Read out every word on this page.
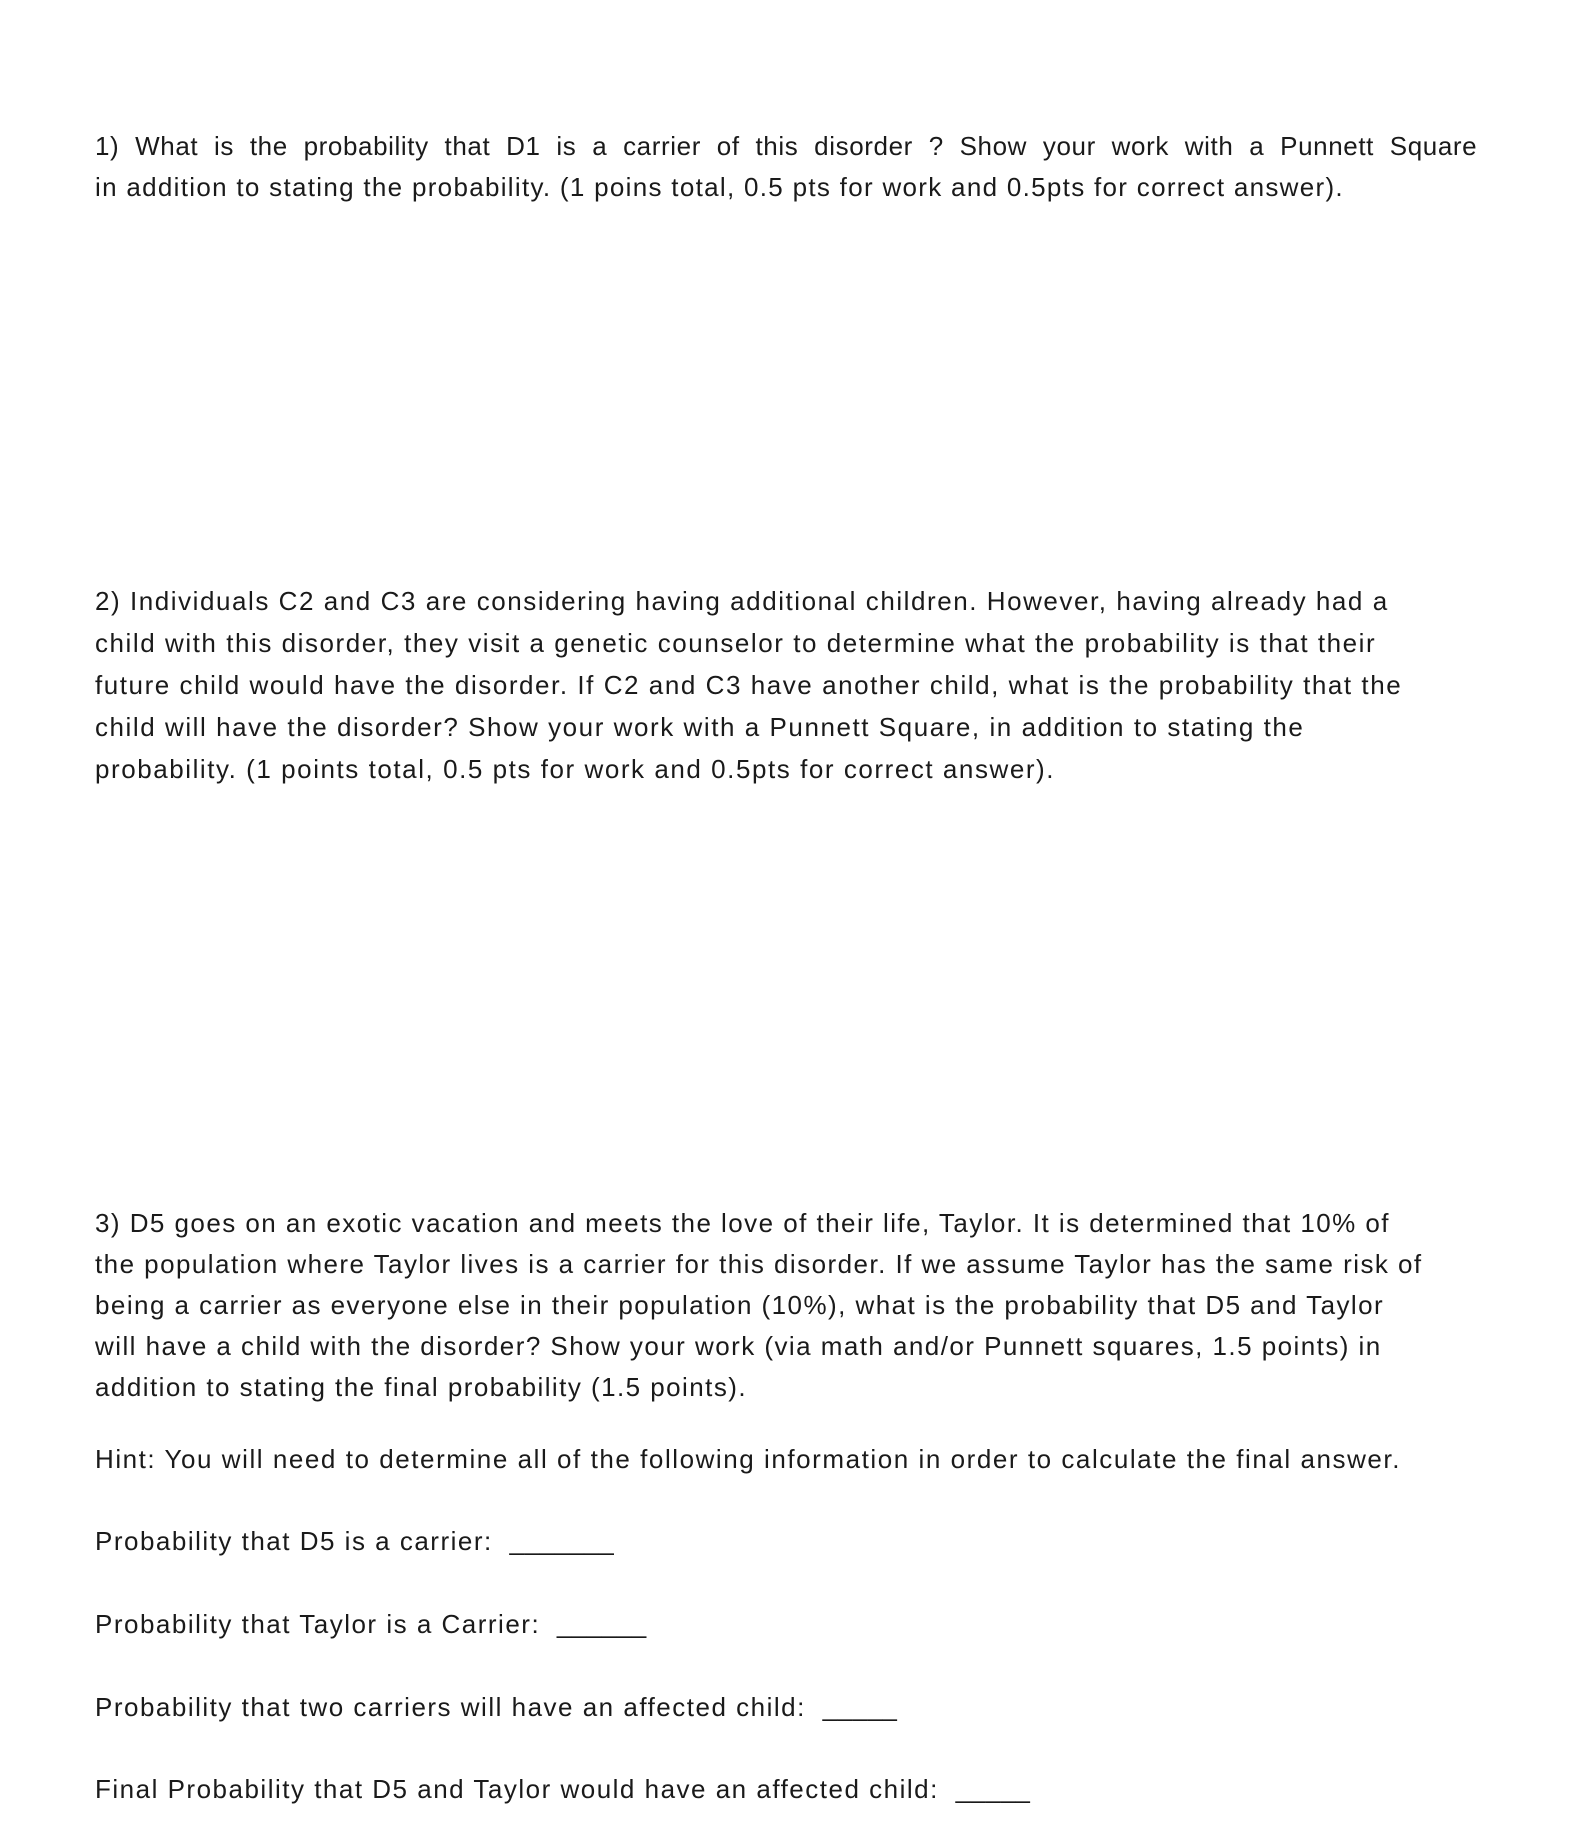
1) What is the probability that D1 is a carrier of this disorder ? Show your work with a Punnett Square
in addition to stating the probability. (1 poins total, 0.5 pts for work and 0.5pts for correct answer).

2) Individuals C2 and C3 are considering having additional children. However, having already had a
child with this disorder, they visit a genetic counselor to determine what the probability is that their
future child would have the disorder. If C2 and C3 have another child, what is the probability that the
child will have the disorder? Show your work with a Punnett Square, in addition to stating the
probability. (1 points total, 0.5 pts for work and 0.5pts for correct answer).

3) D5 goes on an exotic vacation and meets the love of their life, Taylor. It is determined that 10% of
the population where Taylor lives is a carrier for this disorder. If we assume Taylor has the same risk of
being a carrier as everyone else in their population (10%), what is the probability that D5 and Taylor
will have a child with the disorder? Show your work (via math and/or Punnett squares, 1.5 points) in
addition to stating the final probability (1.5 points).

Hint: You will need to determine all of the following information in order to calculate the final answer.
Probability that D5 is a carrier: _______
Probability that Taylor is a Carrier: ______
Probability that two carriers will have an affected child: _____
Final Probability that D5 and Taylor would have an affected child: _____
